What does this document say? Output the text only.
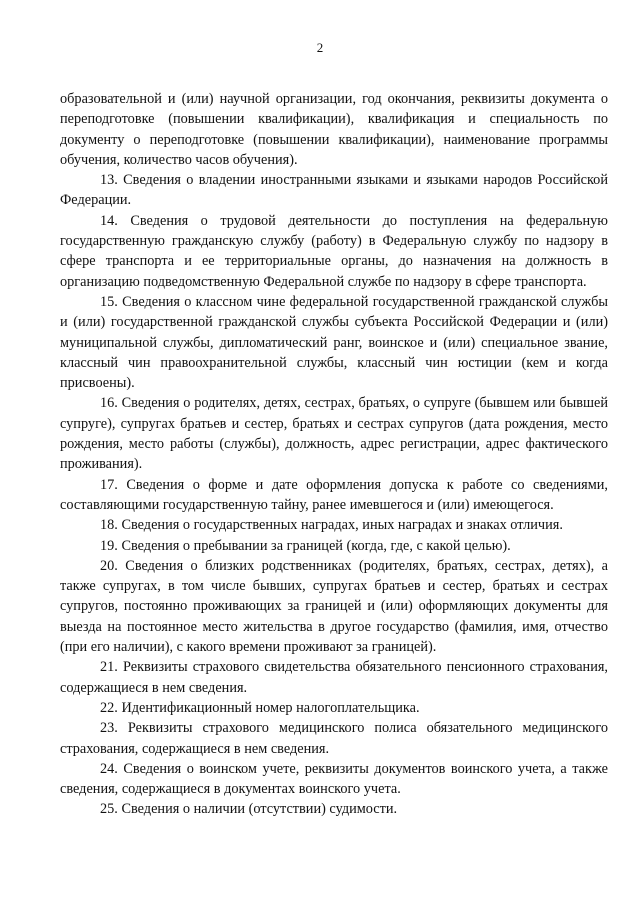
2

образовательной и (или) научной организации, год окончания, реквизиты документа о переподготовке (повышении квалификации), квалификация и специальность по документу о переподготовке (повышении квалификации), наименование программы обучения, количество часов обучения).

13. Сведения о владении иностранными языками и языками народов Российской Федерации.

14. Сведения о трудовой деятельности до поступления на федеральную государственную гражданскую службу (работу) в Федеральную службу по надзору в сфере транспорта и ее территориальные органы, до назначения на должность в организацию подведомственную Федеральной службе по надзору в сфере транспорта.

15. Сведения о классном чине федеральной государственной гражданской службы и (или) государственной гражданской службы субъекта Российской Федерации и (или) муниципальной службы, дипломатический ранг, воинское и (или) специальное звание, классный чин правоохранительной службы, классный чин юстиции (кем и когда присвоены).

16. Сведения о родителях, детях, сестрах, братьях, о супруге (бывшем или бывшей супруге), супругах братьев и сестер, братьях и сестрах супругов (дата рождения, место рождения, место работы (службы), должность, адрес регистрации, адрес фактического проживания).

17. Сведения о форме и дате оформления допуска к работе со сведениями, составляющими государственную тайну, ранее имевшегося и (или) имеющегося.

18. Сведения о государственных наградах, иных наградах и знаках отличия.

19. Сведения о пребывании за границей (когда, где, с какой целью).

20. Сведения о близких родственниках (родителях, братьях, сестрах, детях), а также супругах, в том числе бывших, супругах братьев и сестер, братьях и сестрах супругов, постоянно проживающих за границей и (или) оформляющих документы для выезда на постоянное место жительства в другое государство (фамилия, имя, отчество (при его наличии), с какого времени проживают за границей).

21. Реквизиты страхового свидетельства обязательного пенсионного страхования, содержащиеся в нем сведения.

22. Идентификационный номер налогоплательщика.

23. Реквизиты страхового медицинского полиса обязательного медицинского страхования, содержащиеся в нем сведения.

24. Сведения о воинском учете, реквизиты документов воинского учета, а также сведения, содержащиеся в документах воинского учета.

25. Сведения о наличии (отсутствии) судимости.
